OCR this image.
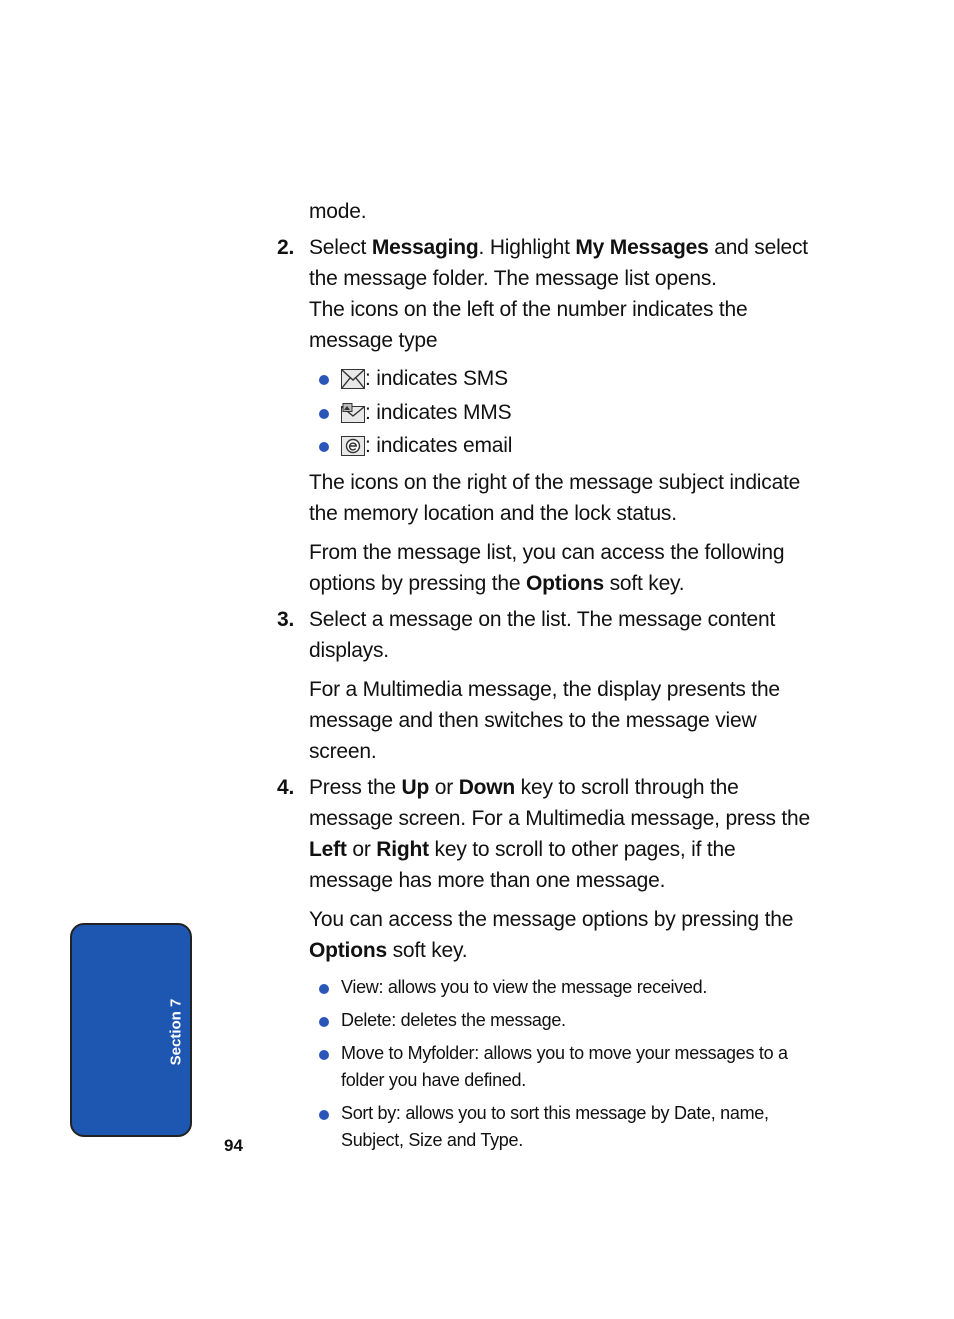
mode.

2. Select Messaging. Highlight My Messages and select the message folder. The message list opens.

The icons on the left of the number indicates the message type

: indicates SMS
: indicates MMS
: indicates email

The icons on the right of the message subject indicate the memory location and the lock status.

From the message list, you can access the following options by pressing the Options soft key.

3. Select a message on the list. The message content displays.

For a Multimedia message, the display presents the message and then switches to the message view screen.

4. Press the Up or Down key to scroll through the message screen. For a Multimedia message, press the Left or Right key to scroll to other pages, if the message has more than one message.

You can access the message options by pressing the Options soft key.

View: allows you to view the message received.
Delete: deletes the message.
Move to Myfolder: allows you to move your messages to a folder you have defined.
Sort by: allows you to sort this message by Date, name, Subject, Size and Type.
Section 7
94
